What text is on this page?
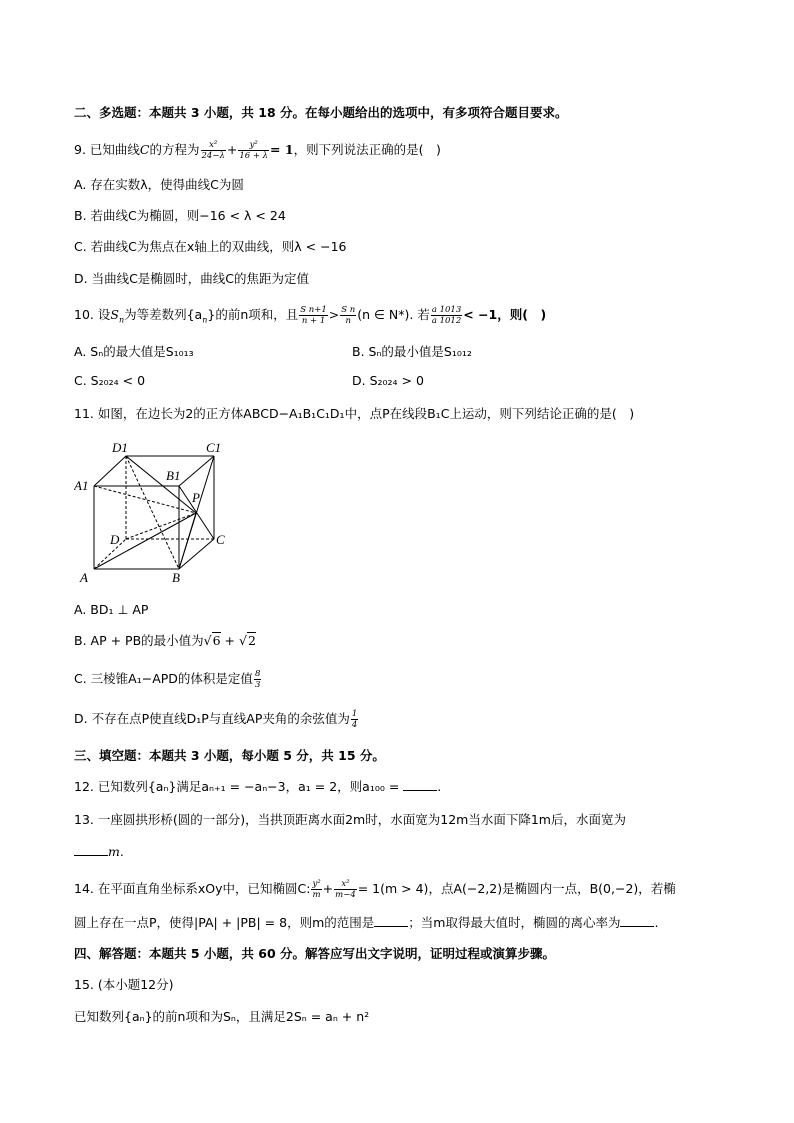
二、多选题：本题共 3 小题，共 18 分。在每小题给出的选项中，有多项符合题目要求。
9. 已知曲线C的方程为 $\frac{\text{x²}}{24-\lambda} + \frac{\text{y²}}{16 + \lambda} = 1$，则下列说法正确的是(　)
A. 存在实数λ，使得曲线C为圆
B. 若曲线C为椭圆，则−16 < λ < 24
C. 若曲线C为焦点在x轴上的双曲线，则λ < −16
D. 当曲线C是椭圆时，曲线C的焦距为定值
10. 设$S_n$为等差数列$\{a_n\}$的前n项和，且 $\frac{\text{S n+1}}{n + 1} > \frac{\text{S n}}{n} (n$ ∈ N*). 若 $\frac{a 1013}{a 1012} < -1$，则(　)
A. Sₙ的最大值是S₁₀₁₃	B. Sₙ的最小值是S₁₀₁₂
C. S₂₀₂₄ < 0	D. S₂₀₂₄ > 0
11. 如图，在边长为2的正方体ABCD−A₁B₁C₁D₁中，点P在线段B₁C上运动，则下列结论正确的是(　)
D1	C1
B1
A1
P
D	C
A	B
A. BD₁ ⊥ AP
B. AP + PB的最小值为√6 + √2
C. 三棱锥A₁−APD的体积是定值 $\frac{8}{3}$
D. 不存在点P使直线D₁P与直线AP夹角的余弦值为 $\frac{1}{4}$
三、填空题：本题共 3 小题，每小题 5 分，共 15 分。
12. 已知数列{aₙ}满足aₙ₊₁ = −aₙ−3，a₁ = 2，则a₁₀₀ =	.
13. 一座圆拱形桥(圆的一部分)，当拱顶距离水面2m时，水面宽为12m当水面下降1m后，水面宽为
m.
14. 在平面直角坐标系xOy中，已知椭圆C: $\frac{\text{y²}}{m} + \frac{\text{x²}}{m-4} = 1(m > 4)$，点A(−2,2)是椭圆内一点，B(0,−2)，若椭
圆上存在一点P，使得|PA| + |PB| = 8，则m的范围是	；当m取得最大值时，椭圆的离心率为	.
四、解答题：本题共 5 小题，共 60 分。解答应写出文字说明，证明过程或演算步骤。
15. (本小题12分)
已知数列{aₙ}的前n项和为Sₙ，且满足2Sₙ = aₙ + n²
